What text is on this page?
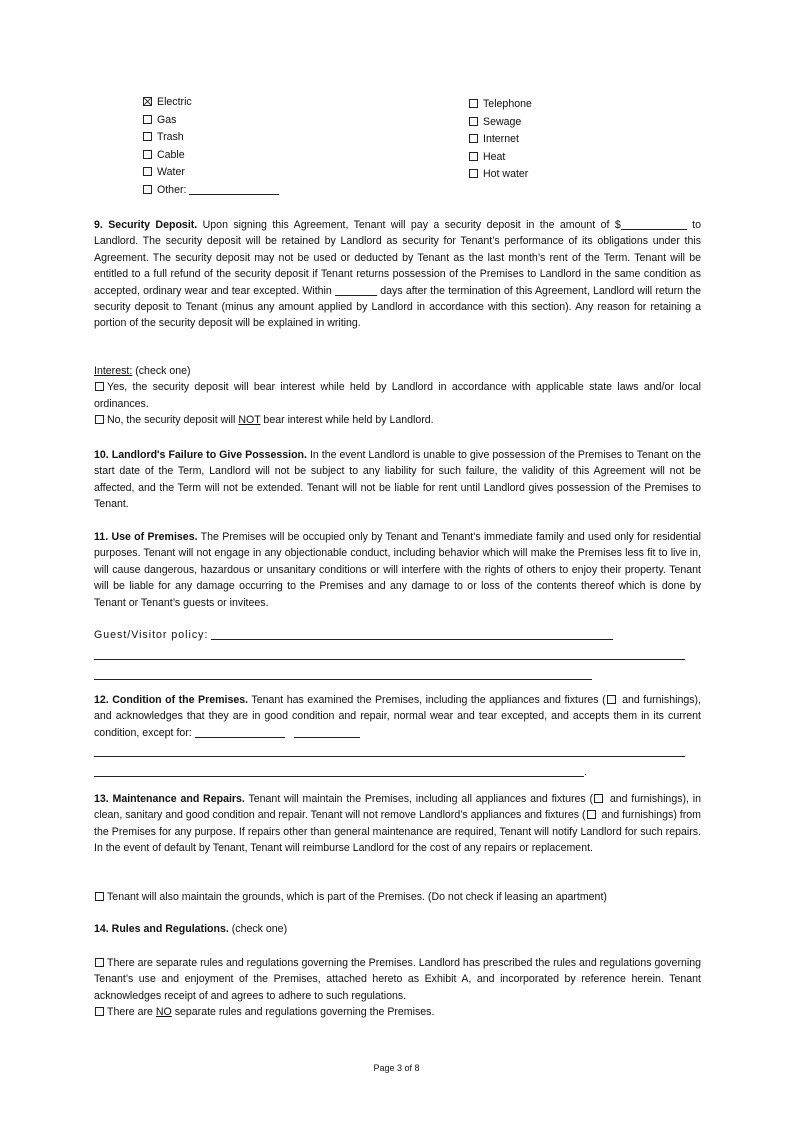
Electric
Gas
Trash
Cable
Water
Other:
Telephone
Sewage
Internet
Heat
Hot water

9. Security Deposit. Upon signing this Agreement, Tenant will pay a security deposit in the amount of $	to Landlord. The security deposit will be retained by Landlord as security for Tenant’s performance of its obligations under this Agreement. The security deposit may not be used or deducted by Tenant as the last month’s rent of the Term. Tenant will be entitled to a full refund of the security deposit if Tenant returns possession of the Premises to Landlord in the same condition as accepted, ordinary wear and tear excepted. Within	days after the termination of this Agreement, Landlord will return the security deposit to Tenant (minus any amount applied by Landlord in accordance with this section). Any reason for retaining a portion of the security deposit will be explained in writing.

Interest: (check one)

Yes, the security deposit will bear interest while held by Landlord in accordance with applicable state laws and/or local ordinances.

No, the security deposit will NOT bear interest while held by Landlord.

10. Landlord's Failure to Give Possession. In the event Landlord is unable to give possession of the Premises to Tenant on the start date of the Term, Landlord will not be subject to any liability for such failure, the validity of this Agreement will not be affected, and the Term will not be extended. Tenant will not be liable for rent until Landlord gives possession of the Premises to Tenant.

11. Use of Premises. The Premises will be occupied only by Tenant and Tenant’s immediate family and used only for residential purposes. Tenant will not engage in any objectionable conduct, including behavior which will make the Premises less fit to live in, will cause dangerous, hazardous or unsanitary conditions or will interfere with the rights of others to enjoy their property. Tenant will be liable for any damage occurring to the Premises and any damage to or loss of the contents thereof which is done by Tenant or Tenant’s guests or invitees.

Guest/Visitor policy:

12. Condition of the Premises. Tenant has examined the Premises, including the appliances and fixtures ( and furnishings), and acknowledges that they are in good condition and repair, normal wear and tear excepted, and accepts them in its current condition, except for:

.

13. Maintenance and Repairs. Tenant will maintain the Premises, including all appliances and fixtures ( and furnishings), in clean, sanitary and good condition and repair. Tenant will not remove Landlord’s appliances and fixtures ( and furnishings) from the Premises for any purpose. If repairs other than general maintenance are required, Tenant will notify Landlord for such repairs. In the event of default by Tenant, Tenant will reimburse Landlord for the cost of any repairs or replacement.

Tenant will also maintain the grounds, which is part of the Premises. (Do not check if leasing an apartment)

14. Rules and Regulations. (check one)

There are separate rules and regulations governing the Premises. Landlord has prescribed the rules and regulations governing Tenant’s use and enjoyment of the Premises, attached hereto as Exhibit A, and incorporated by reference herein. Tenant acknowledges receipt of and agrees to adhere to such regulations.

There are NO separate rules and regulations governing the Premises.

Page 3 of 8
